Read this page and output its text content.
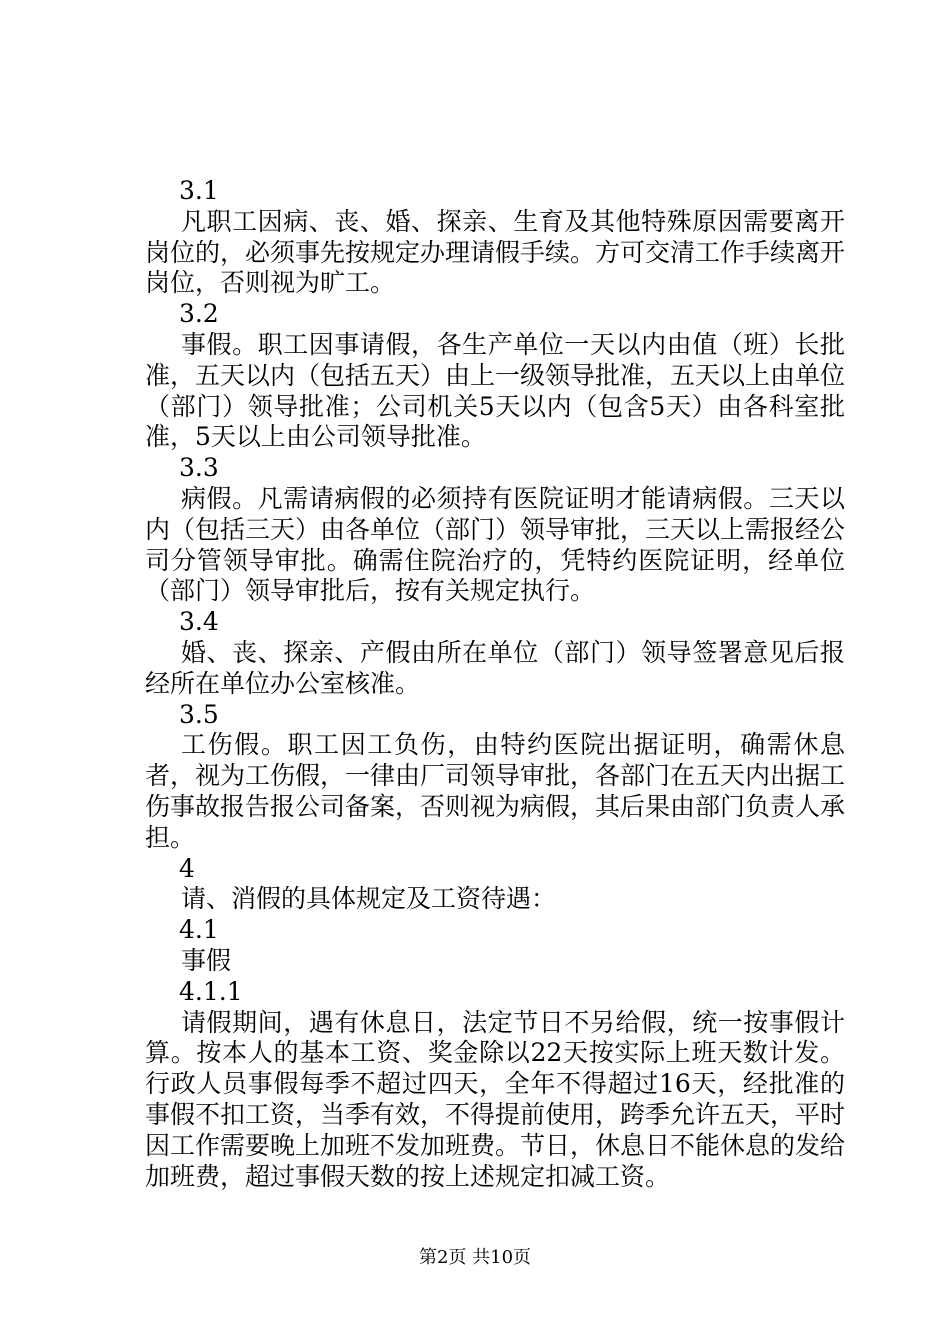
3.1

凡职工因病、丧、婚、探亲、生育及其他特殊原因需要离开岗位的，必须事先按规定办理请假手续。方可交清工作手续离开岗位，否则视为旷工。

3.2

事假。职工因事请假，各生产单位一天以内由值（班）长批准，五天以内（包括五天）由上一级领导批准，五天以上由单位（部门）领导批准；公司机关5天以内（包含5天）由各科室批准，5天以上由公司领导批准。

3.3

病假。凡需请病假的必须持有医院证明才能请病假。三天以内（包括三天）由各单位（部门）领导审批，三天以上需报经公司分管领导审批。确需住院治疗的，凭特约医院证明，经单位（部门）领导审批后，按有关规定执行。

3.4

婚、丧、探亲、产假由所在单位（部门）领导签署意见后报经所在单位办公室核准。

3.5

工伤假。职工因工负伤，由特约医院出据证明，确需休息者，视为工伤假，一律由厂司领导审批，各部门在五天内出据工伤事故报告报公司备案，否则视为病假，其后果由部门负责人承担。

4

请、消假的具体规定及工资待遇：

4.1

事假

4.1.1

请假期间，遇有休息日，法定节日不另给假，统一按事假计算。按本人的基本工资、奖金除以22天按实际上班天数计发。行政人员事假每季不超过四天，全年不得超过16天，经批准的事假不扣工资，当季有效，不得提前使用，跨季允许五天，平时因工作需要晚上加班不发加班费。节日，休息日不能休息的发给加班费，超过事假天数的按上述规定扣减工资。

第2页 共10页
